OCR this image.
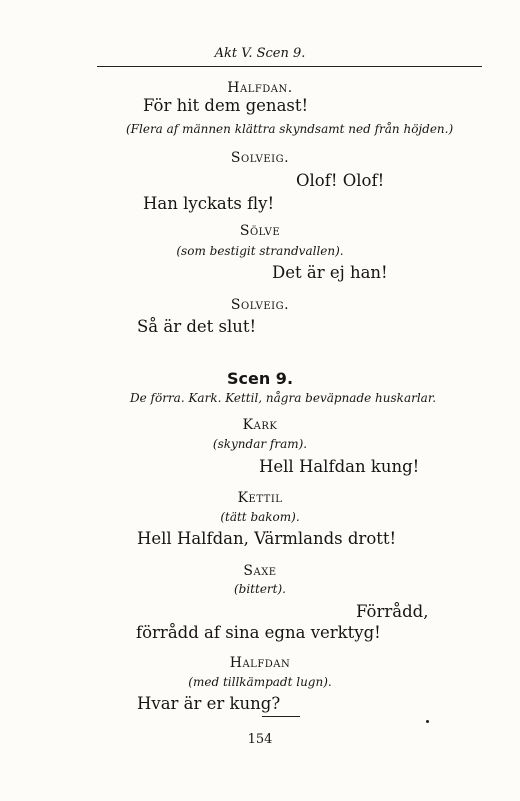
Akt V. Scen 9.
Halfdan.
För hit dem genast!
(Flera af männen klättra skyndsamt ned från höjden.)
Solveig.
Olof! Olof!
Han lyckats fly!
Sölve
(som bestigit strandvallen).
Det är ej han!
Solveig.
Så är det slut!
Scen 9.
De förra. Kark. Kettil, några beväpnade huskarlar.
Kark
(skyndar fram).
Hell Halfdan kung!
Kettil
(tätt bakom).
Hell Halfdan, Värmlands drott!
Saxe
(bittert).
Förrådd,
förrådd af sina egna verktyg!
Halfdan
(med tillkämpadt lugn).
Hvar är er kung?
154
